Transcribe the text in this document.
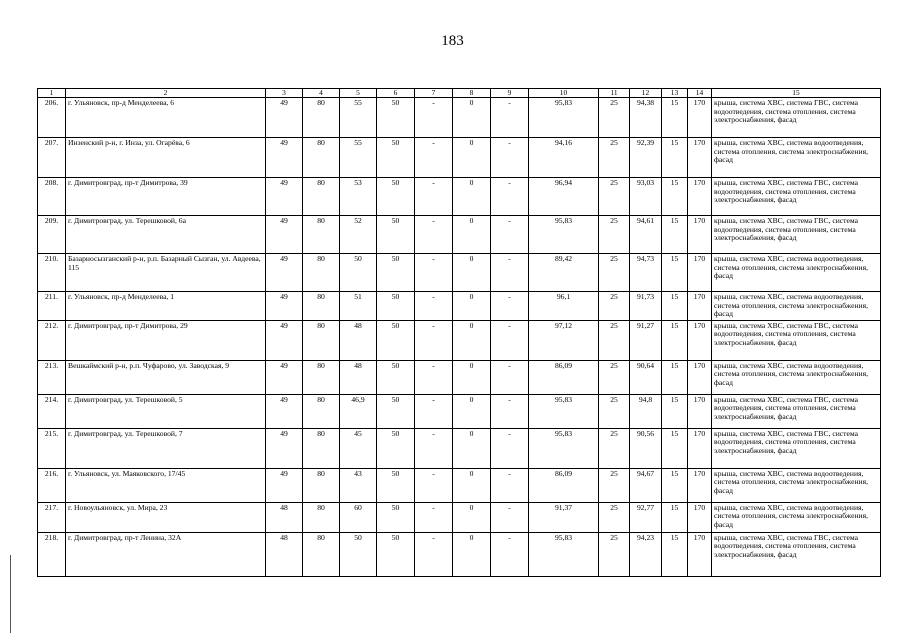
183
1	2	3	4	5	6	7	8	9	10	11	12	13	14	15
206.	г. Ульяновск, пр-д Менделеева, 6	49	80	55	50	-	0	-	95,83	25	94,38	15	170	крыша, система ХВС, система ГВС, система водоотведения, система отопления, система электроснабжения, фасад
207.	Инзенский р-н, г. Инза, ул. Огарёва, 6	49	80	55	50	-	0	-	94,16	25	92,39	15	170	крыша, система ХВС, система водоотведения, система отопления, система электроснабжения, фасад
208.	г. Димитровград, пр-т Димитрова, 39	49	80	53	50	-	0	-	96,94	25	93,03	15	170	крыша, система ХВС, система ГВС, система водоотведения, система отопления, система электроснабжения, фасад
209.	г. Димитровград, ул. Терешковой, 6а	49	80	52	50	-	0	-	95,83	25	94,61	15	170	крыша, система ХВС, система ГВС, система водоотведения, система отопления, система электроснабжения, фасад
210.	Базарносызганский р-н, р.п. Базарный Сызган, ул. Авдеева, 115	49	80	50	50	-	0	-	89,42	25	94,73	15	170	крыша, система ХВС, система водоотведения, система отопления, система электроснабжения, фасад
211.	г. Ульяновск, пр-д Менделеева, 1	49	80	51	50	-	0	-	96,1	25	91,73	15	170	крыша, система ХВС, система водоотведения, система отопления, система электроснабжения, фасад
212.	г. Димитровград, пр-т Димитрова, 29	49	80	48	50	-	0	-	97,12	25	91,27	15	170	крыша, система ХВС, система ГВС, система водоотведения, система отопления, система электроснабжения, фасад
213.	Вешкаймский р-н, р.п. Чуфарово, ул. Заводская, 9	49	80	48	50	-	0	-	86,09	25	90,64	15	170	крыша, система ХВС, система водоотведения, система отопления, система электроснабжения, фасад
214.	г. Димитровград, ул. Терешковой, 5	49	80	46,9	50	-	0	-	95,83	25	94,8	15	170	крыша, система ХВС, система ГВС, система водоотведения, система отопления, система электроснабжения, фасад
215.	г. Димитровград, ул. Терешковой, 7	49	80	45	50	-	0	-	95,83	25	90,56	15	170	крыша, система ХВС, система ГВС, система водоотведения, система отопления, система электроснабжения, фасад
216.	г. Ульяновск, ул. Маяковского, 17/45	49	80	43	50	-	0	-	86,09	25	94,67	15	170	крыша, система ХВС, система водоотведения, система отопления, система электроснабжения, фасад
217.	г. Новоульяновск, ул. Мира, 23	48	80	60	50	-	0	-	91,37	25	92,77	15	170	крыша, система ХВС, система водоотведения, система отопления, система электроснабжения, фасад
218.	г. Димитровград, пр-т Ленина, 32А	48	80	50	50	-	0	-	95,83	25	94,23	15	170	крыша, система ХВС, система ГВС, система водоотведения, система отопления, система электроснабжения, фасад
